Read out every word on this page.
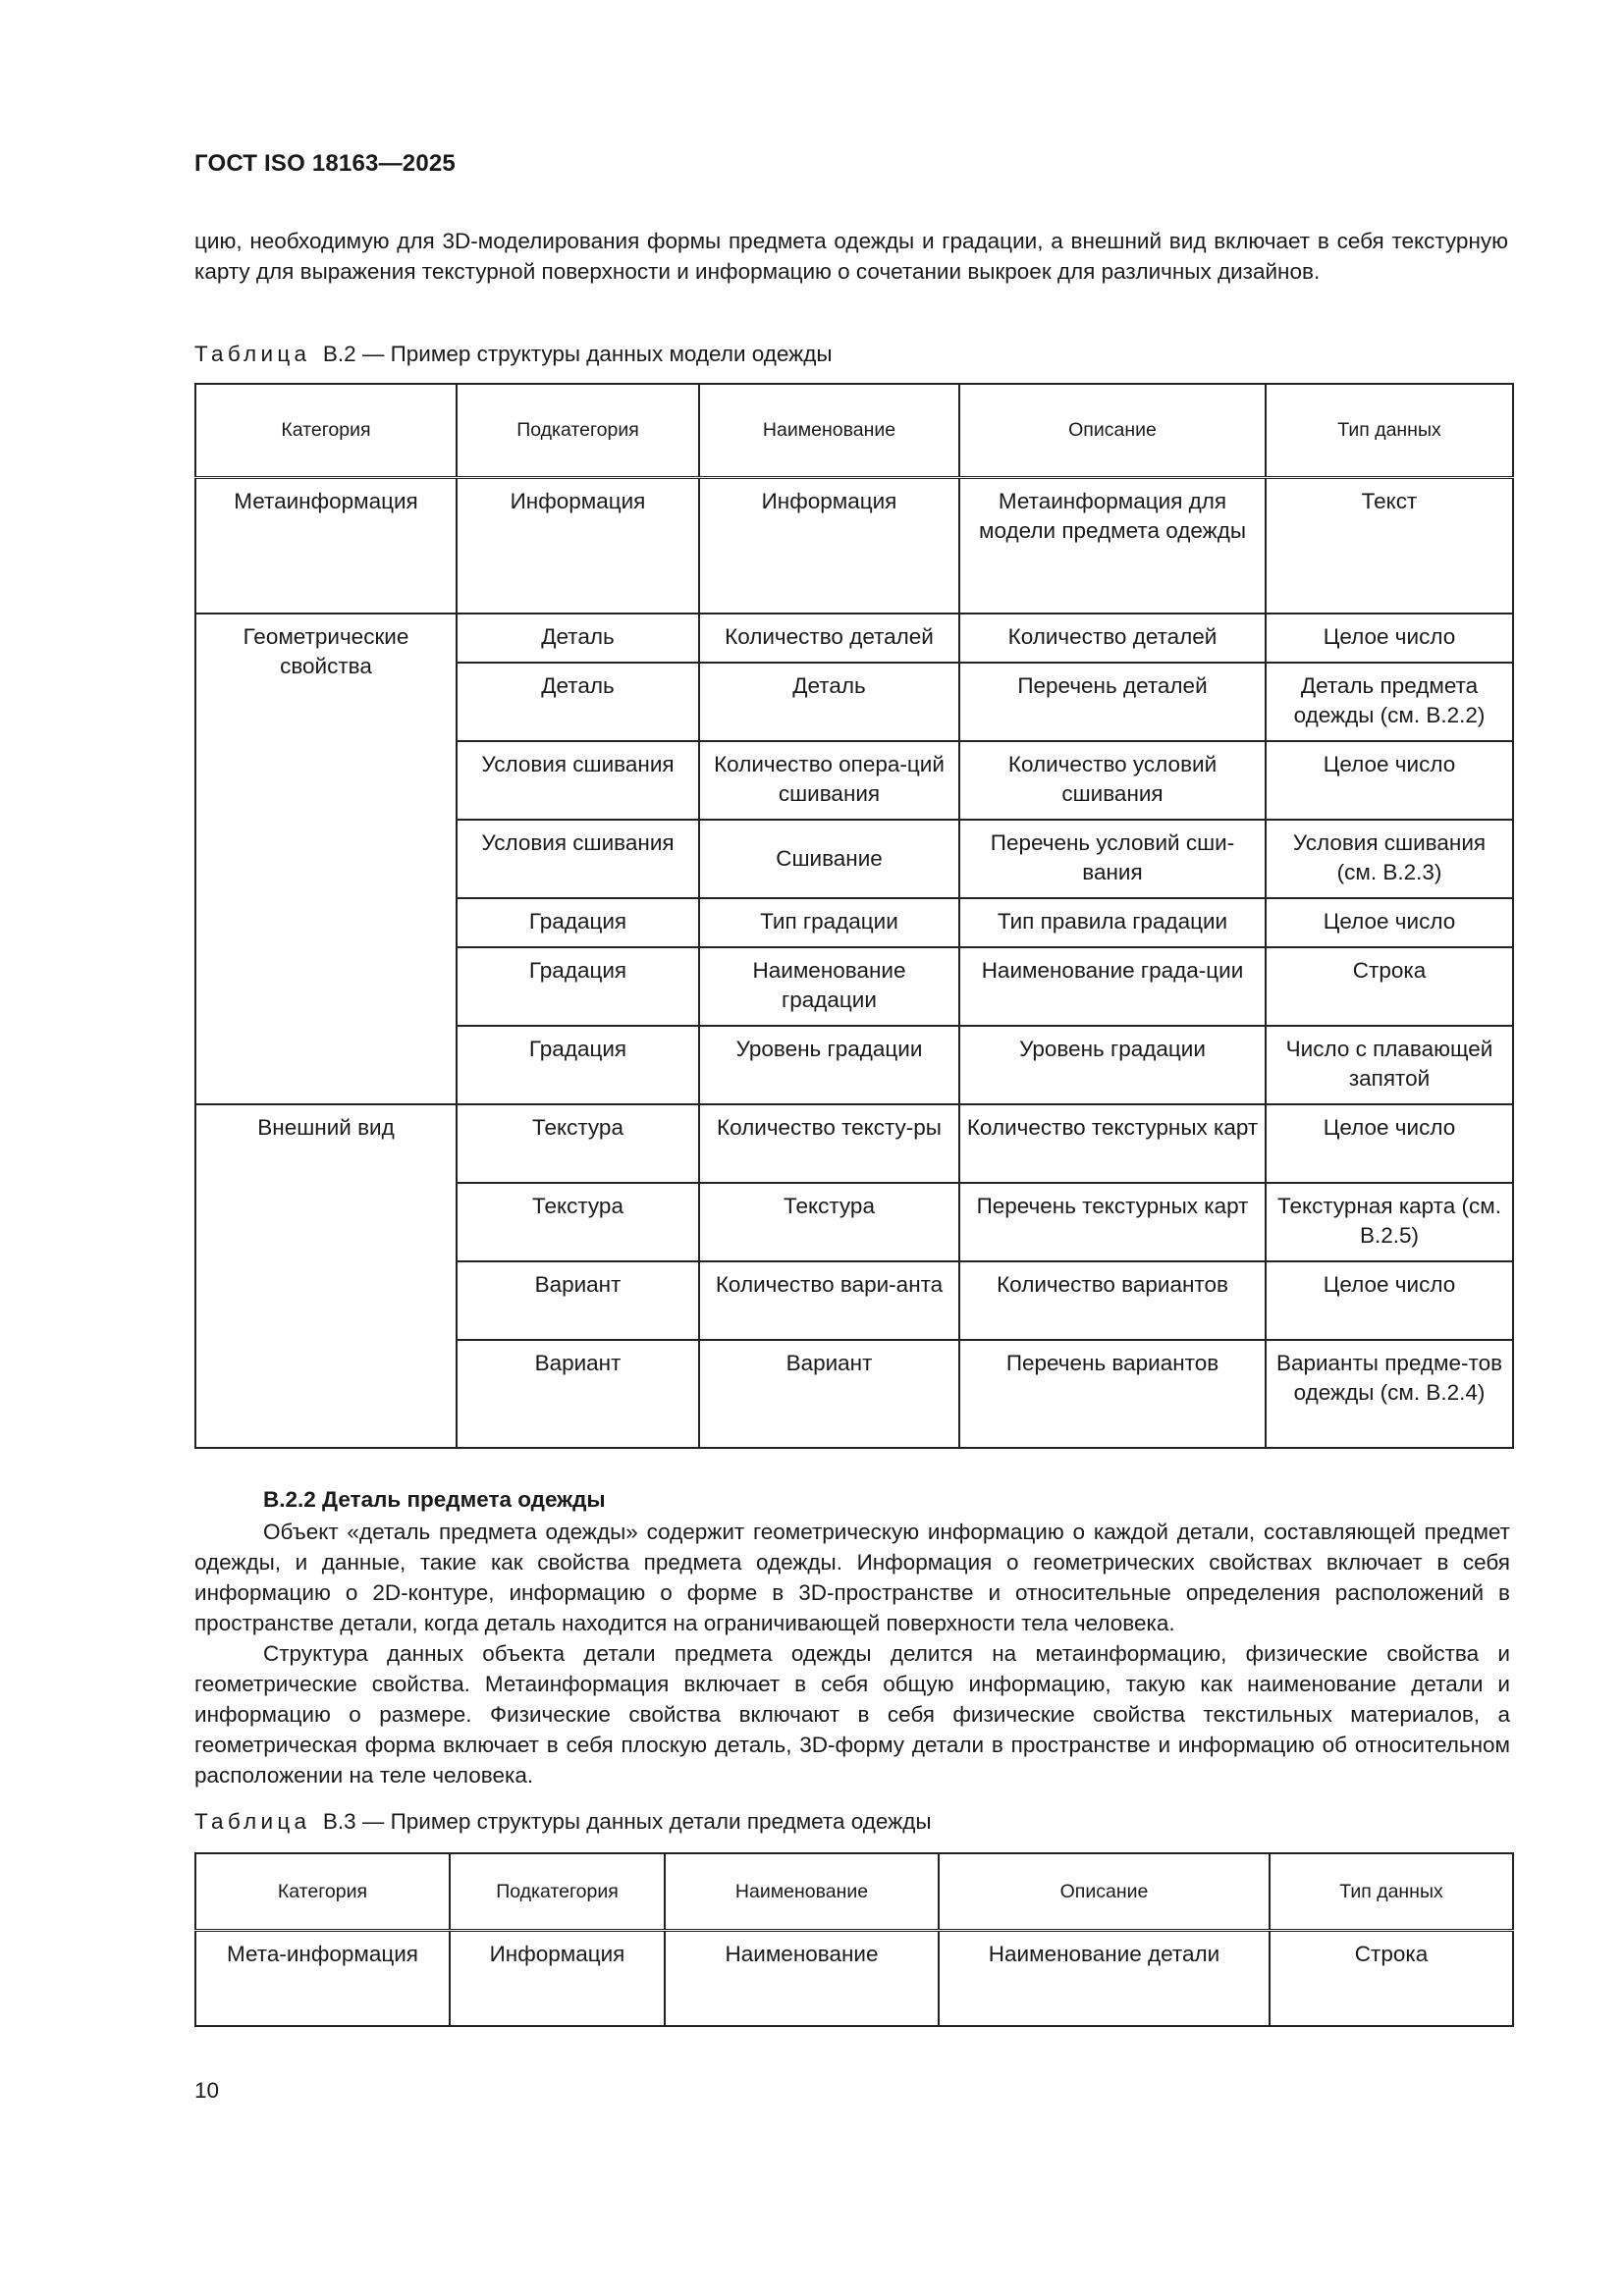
ГОСТ ISO 18163—2025
цию, необходимую для 3D-моделирования формы предмета одежды и градации, а внешний вид включает в себя текстурную карту для выражения текстурной поверхности и информацию о сочетании выкроек для различных дизайнов.
Таблица В.2 — Пример структуры данных модели одежды
Категория	Подкатегория	Наименование	Описание	Тип данных
Метаинформация	Информация	Информация	Метаинформация для модели предмета одежды	Текст
Геометрические свойства	Деталь	Количество деталей	Количество деталей	Целое число
	Деталь	Деталь	Перечень деталей	Деталь предмета одежды (см. В.2.2)
	Условия сшивания	Количество опера-ций сшивания	Количество условий сшивания	Целое число
	Условия сшивания	Сшивание	Перечень условий сши-вания	Условия сшивания (см. В.2.3)
	Градация	Тип градации	Тип правила градации	Целое число
	Градация	Наименование градации	Наименование града-ции	Строка
	Градация	Уровень градации	Уровень градации	Число с плавающей запятой
Внешний вид	Текстура	Количество тексту-ры	Количество текстурных карт	Целое число
	Текстура	Текстура	Перечень текстурных карт	Текстурная карта (см. В.2.5)
	Вариант	Количество вари-анта	Количество вариантов	Целое число
	Вариант	Вариант	Перечень вариантов	Варианты предме-тов одежды (см. В.2.4)
В.2.2 Деталь предмета одежды

Объект «деталь предмета одежды» содержит геометрическую информацию о каждой детали, составляющей предмет одежды, и данные, такие как свойства предмета одежды. Информация о геометрических свойствах включает в себя информацию о 2D-контуре, информацию о форме в 3D-пространстве и относительные определения расположений в пространстве детали, когда деталь находится на ограничивающей поверхности тела человека.

Структура данных объекта детали предмета одежды делится на метаинформацию, физические свойства и геометрические свойства. Метаинформация включает в себя общую информацию, такую как наименование детали и информацию о размере. Физические свойства включают в себя физические свойства текстильных материалов, а геометрическая форма включает в себя плоскую деталь, 3D-форму детали в пространстве и информацию об относительном расположении на теле человека.

Таблица В.3 — Пример структуры данных детали предмета одежды
Категория	Подкатегория	Наименование	Описание	Тип данных
Мета-информация	Информация	Наименование	Наименование детали	Строка
10
